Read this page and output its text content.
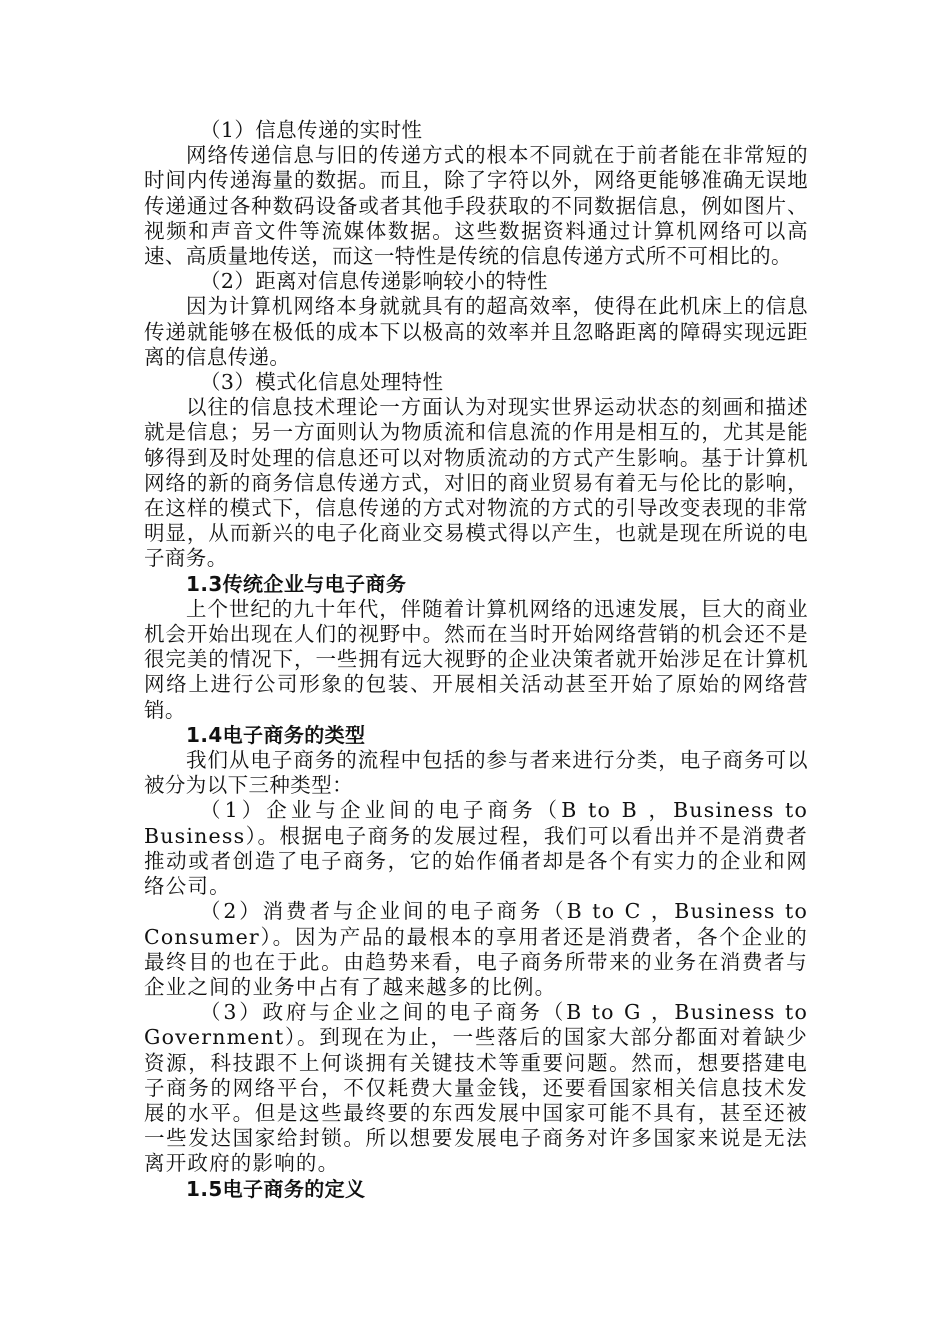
（1）信息传递的实时性

网络传递信息与旧的传递方式的根本不同就在于前者能在非常短的时间内传递海量的数据。而且，除了字符以外，网络更能够准确无误地传递通过各种数码设备或者其他手段获取的不同数据信息，例如图片、视频和声音文件等流媒体数据。这些数据资料通过计算机网络可以高速、高质量地传送，而这一特性是传统的信息传递方式所不可相比的。

（2）距离对信息传递影响较小的特性

因为计算机网络本身就就具有的超高效率，使得在此机床上的信息传递就能够在极低的成本下以极高的效率并且忽略距离的障碍实现远距离的信息传递。

（3）模式化信息处理特性

以往的信息技术理论一方面认为对现实世界运动状态的刻画和描述就是信息；另一方面则认为物质流和信息流的作用是相互的，尤其是能够得到及时处理的信息还可以对物质流动的方式产生影响。基于计算机网络的新的商务信息传递方式，对旧的商业贸易有着无与伦比的影响，在这样的模式下，信息传递的方式对物流的方式的引导改变表现的非常明显，从而新兴的电子化商业交易模式得以产生，也就是现在所说的电子商务。

1.3传统企业与电子商务

上个世纪的九十年代，伴随着计算机网络的迅速发展，巨大的商业机会开始出现在人们的视野中。然而在当时开始网络营销的机会还不是很完美的情况下，一些拥有远大视野的企业决策者就开始涉足在计算机网络上进行公司形象的包装、开展相关活动甚至开始了原始的网络营销。

1.4电子商务的类型

我们从电子商务的流程中包括的参与者来进行分类，电子商务可以被分为以下三种类型：

（1）企业与企业间的电子商务（B to B ，Business to Business）。根据电子商务的发展过程，我们可以看出并不是消费者推动或者创造了电子商务，它的始作俑者却是各个有实力的企业和网络公司。

（2）消费者与企业间的电子商务（B to C ，Business to Consumer）。因为产品的最根本的享用者还是消费者，各个企业的最终目的也在于此。由趋势来看，电子商务所带来的业务在消费者与企业之间的业务中占有了越来越多的比例。

（3）政府与企业之间的电子商务（B to G ，Business to Government）。到现在为止，一些落后的国家大部分都面对着缺少资源，科技跟不上何谈拥有关键技术等重要问题。然而，想要搭建电子商务的网络平台，不仅耗费大量金钱，还要看国家相关信息技术发展的水平。但是这些最终要的东西发展中国家可能不具有，甚至还被一些发达国家给封锁。所以想要发展电子商务对许多国家来说是无法离开政府的影响的。

1.5电子商务的定义
